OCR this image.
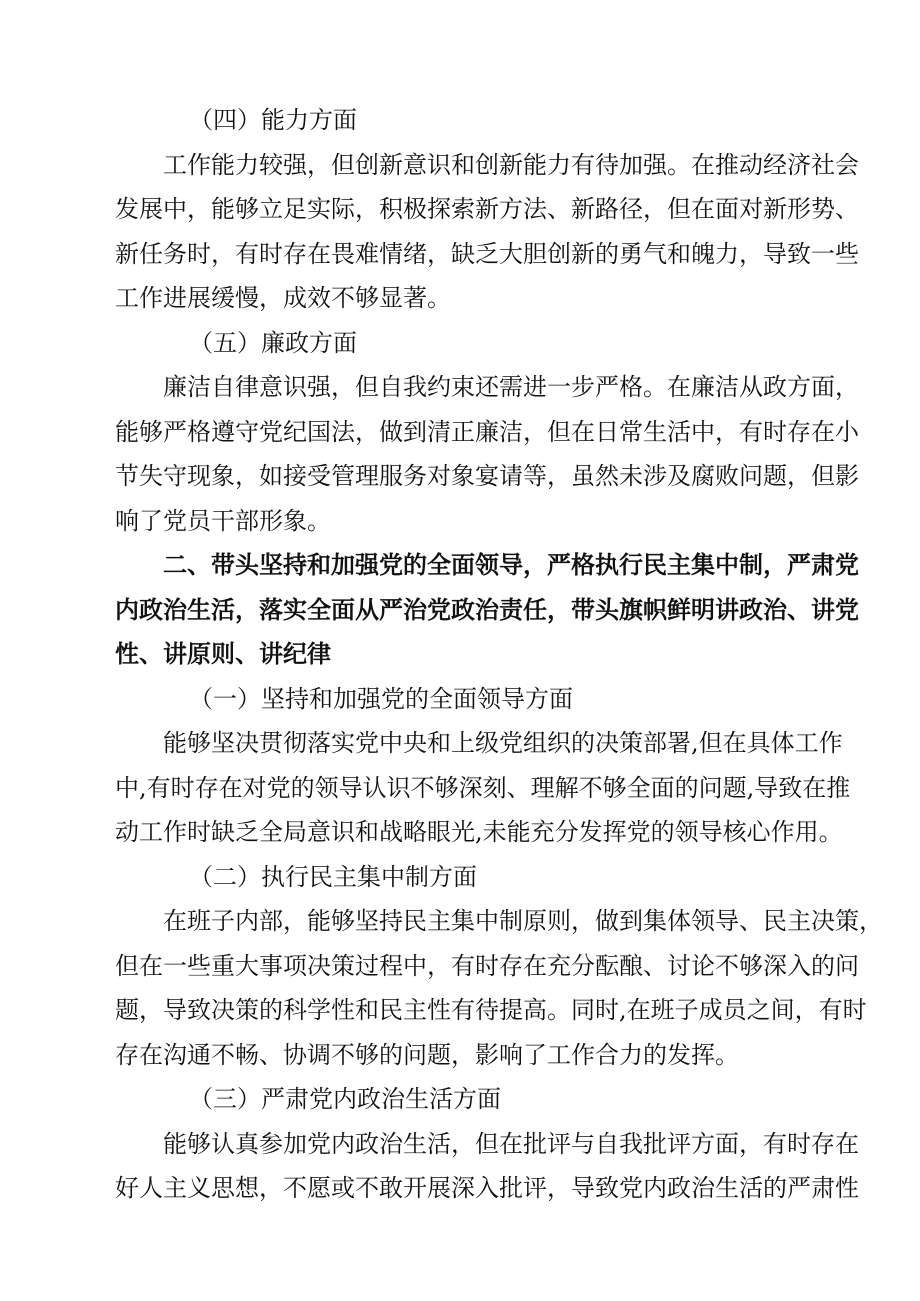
（四）能力方面
工作能力较强，但创新意识和创新能力有待加强。在推动经济社会
发展中，能够立足实际，积极探索新方法、新路径，但在面对新形势、
新任务时，有时存在畏难情绪，缺乏大胆创新的勇气和魄力，导致一些
工作进展缓慢，成效不够显著。
（五）廉政方面
廉洁自律意识强，但自我约束还需进一步严格。在廉洁从政方面，
能够严格遵守党纪国法，做到清正廉洁，但在日常生活中，有时存在小
节失守现象，如接受管理服务对象宴请等，虽然未涉及腐败问题，但影
响了党员干部形象。
二、带头坚持和加强党的全面领导，严格执行民主集中制，严肃党
内政治生活，落实全面从严治党政治责任，带头旗帜鲜明讲政治、讲党
性、讲原则、讲纪律
（一）坚持和加强党的全面领导方面
能够坚决贯彻落实党中央和上级党组织的决策部署,但在具体工作
中,有时存在对党的领导认识不够深刻、理解不够全面的问题,导致在推
动工作时缺乏全局意识和战略眼光,未能充分发挥党的领导核心作用。
（二）执行民主集中制方面
在班子内部，能够坚持民主集中制原则，做到集体领导、民主决策，
但在一些重大事项决策过程中，有时存在充分酝酿、讨论不够深入的问
题，导致决策的科学性和民主性有待提高。同时,在班子成员之间，有时
存在沟通不畅、协调不够的问题，影响了工作合力的发挥。
（三）严肃党内政治生活方面
能够认真参加党内政治生活，但在批评与自我批评方面，有时存在
好人主义思想，不愿或不敢开展深入批评，导致党内政治生活的严肃性
